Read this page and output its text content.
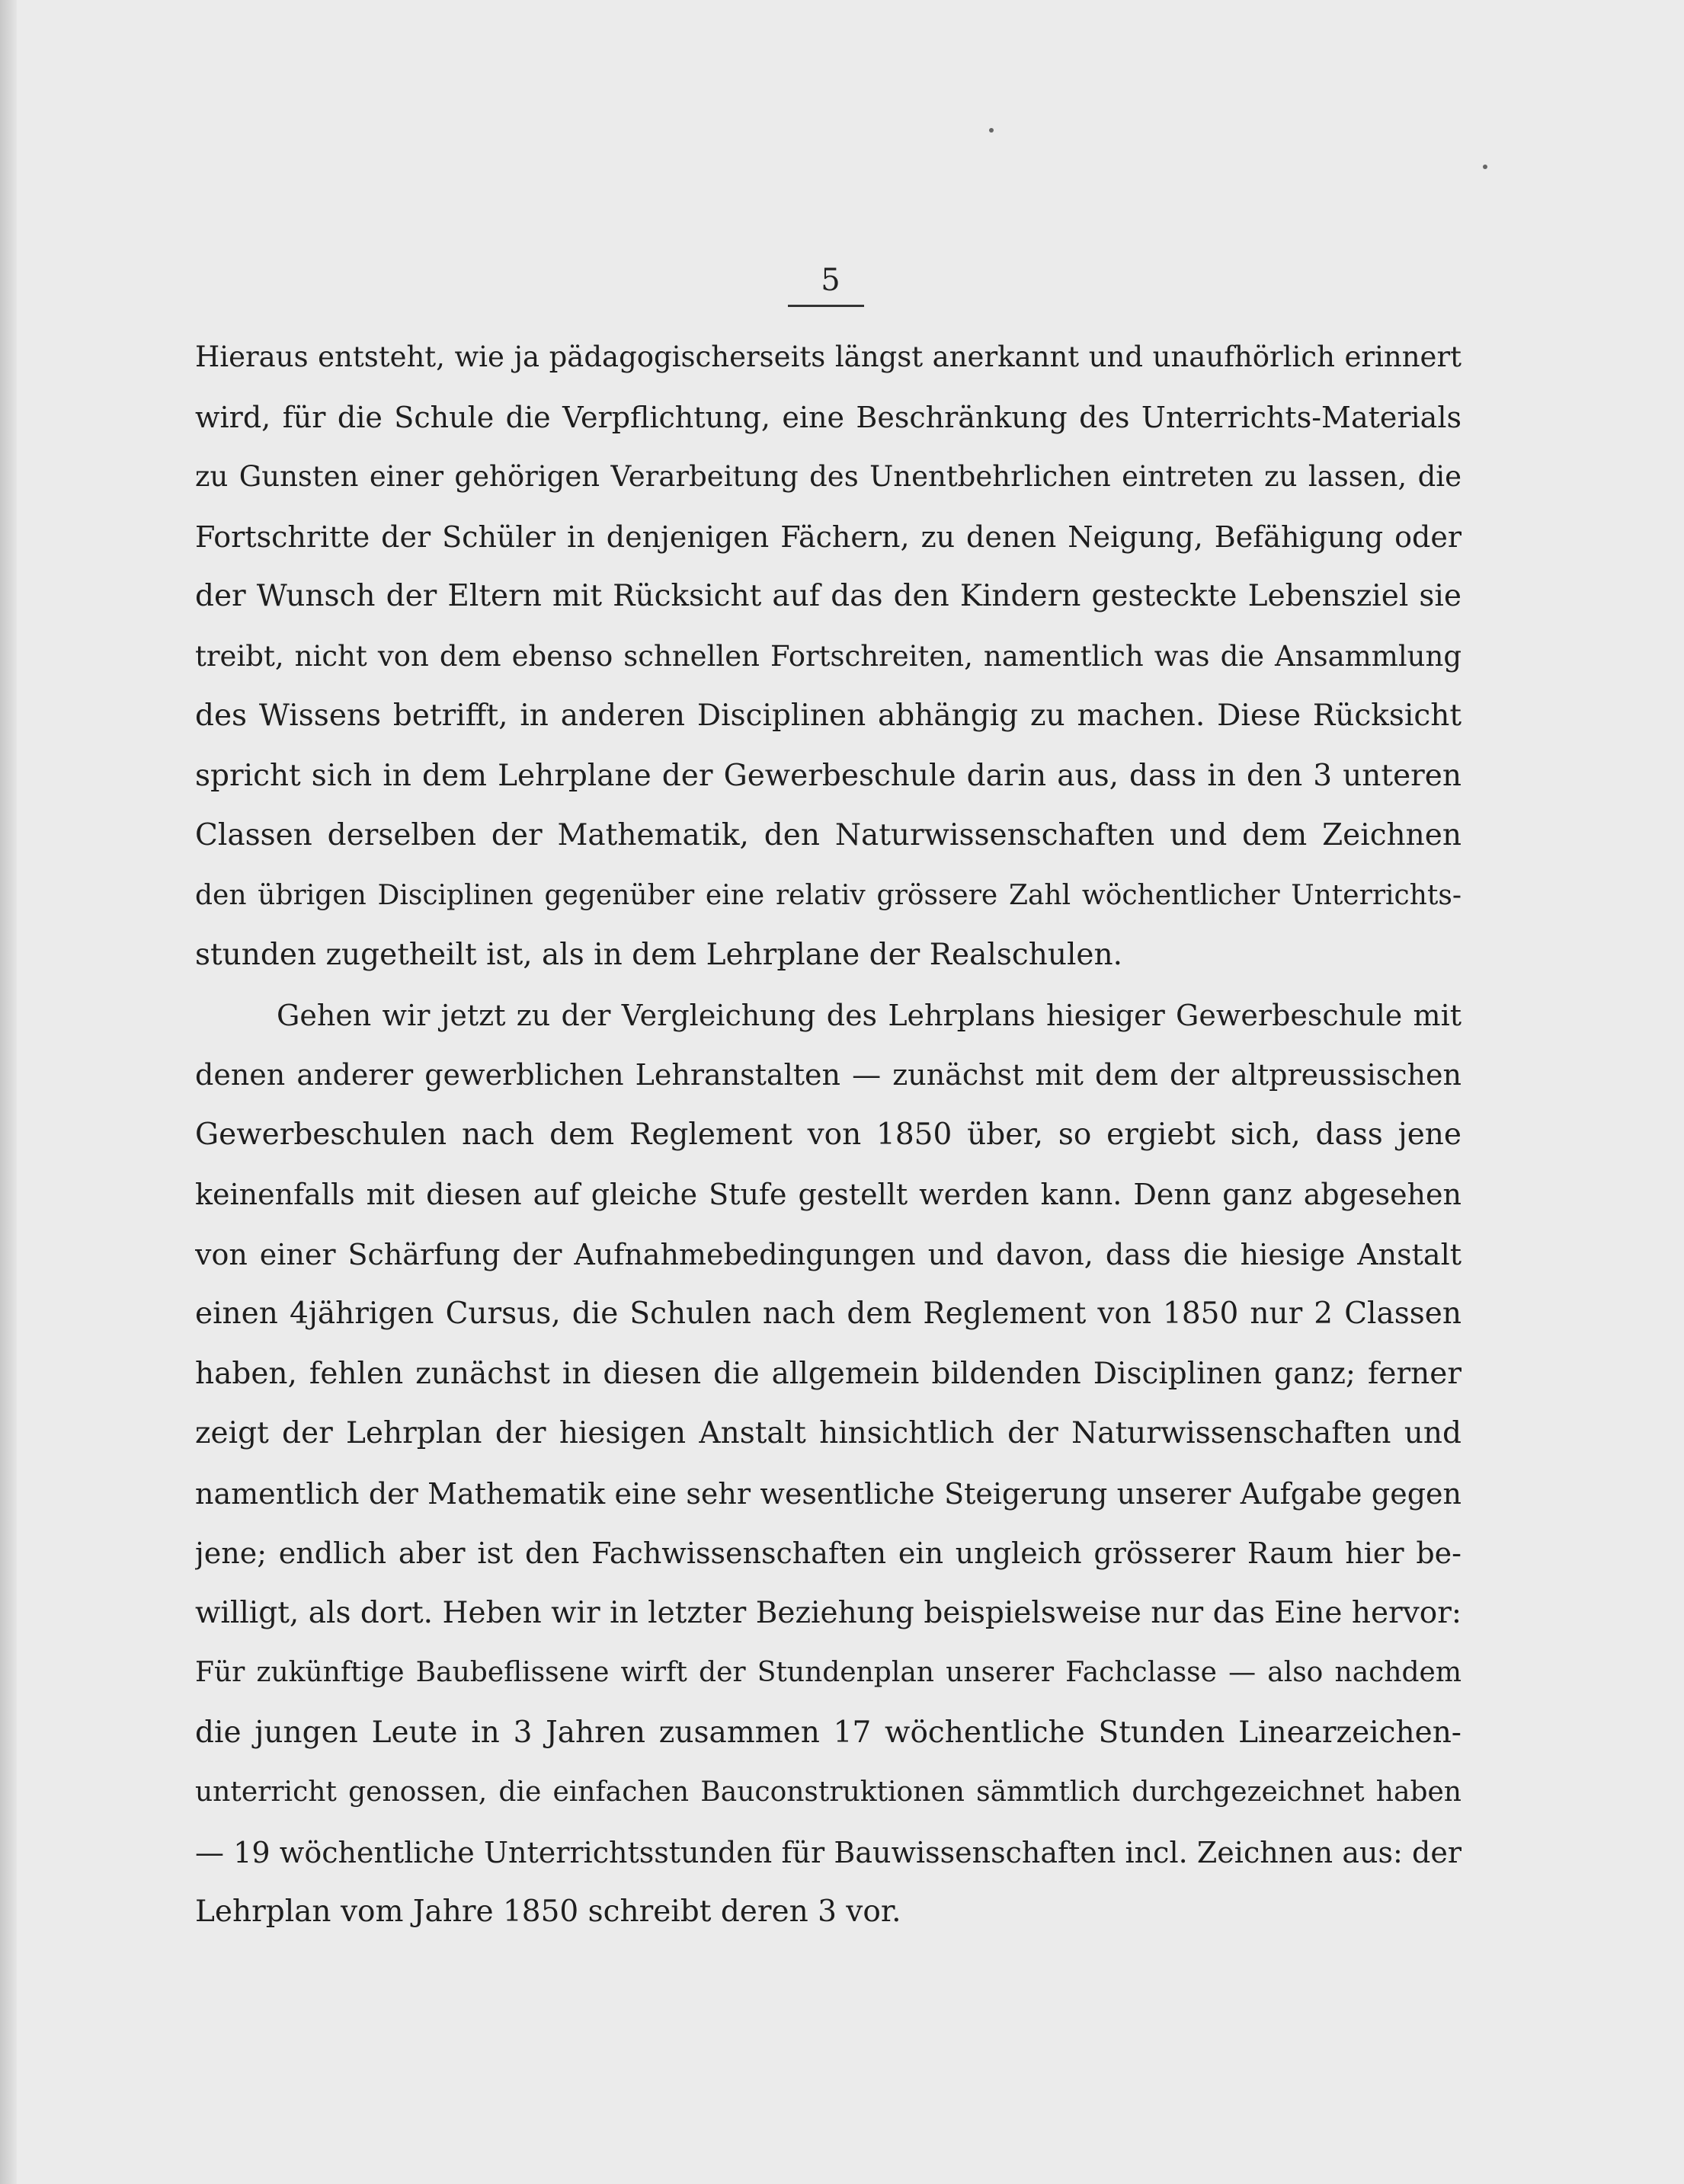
5
Hieraus entsteht, wie ja pädagogischerseits längst anerkannt und unaufhörlich erinnert
wird, für die Schule die Verpflichtung, eine Beschränkung des Unterrichts-Materials
zu Gunsten einer gehörigen Verarbeitung des Unentbehrlichen eintreten zu lassen, die
Fortschritte der Schüler in denjenigen Fächern, zu denen Neigung, Befähigung oder
der Wunsch der Eltern mit Rücksicht auf das den Kindern gesteckte Lebensziel sie
treibt, nicht von dem ebenso schnellen Fortschreiten, namentlich was die Ansammlung
des Wissens betrifft, in anderen Disciplinen abhängig zu machen. Diese Rücksicht
spricht sich in dem Lehrplane der Gewerbeschule darin aus, dass in den 3 unteren
Classen derselben der Mathematik, den Naturwissenschaften und dem Zeichnen
den übrigen Disciplinen gegenüber eine relativ grössere Zahl wöchentlicher Unterrichts-
stunden zugetheilt ist, als in dem Lehrplane der Realschulen.
Gehen wir jetzt zu der Vergleichung des Lehrplans hiesiger Gewerbeschule mit
denen anderer gewerblichen Lehranstalten — zunächst mit dem der altpreussischen
Gewerbeschulen nach dem Reglement von 1850 über, so ergiebt sich, dass jene
keinenfalls mit diesen auf gleiche Stufe gestellt werden kann. Denn ganz abgesehen
von einer Schärfung der Aufnahmebedingungen und davon, dass die hiesige Anstalt
einen 4jährigen Cursus, die Schulen nach dem Reglement von 1850 nur 2 Classen
haben, fehlen zunächst in diesen die allgemein bildenden Disciplinen ganz; ferner
zeigt der Lehrplan der hiesigen Anstalt hinsichtlich der Naturwissenschaften und
namentlich der Mathematik eine sehr wesentliche Steigerung unserer Aufgabe gegen
jene; endlich aber ist den Fachwissenschaften ein ungleich grösserer Raum hier be-
willigt, als dort. Heben wir in letzter Beziehung beispielsweise nur das Eine hervor:
Für zukünftige Baubeflissene wirft der Stundenplan unserer Fachclasse — also nachdem
die jungen Leute in 3 Jahren zusammen 17 wöchentliche Stunden Linearzeichen-
unterricht genossen, die einfachen Bauconstruktionen sämmtlich durchgezeichnet haben
— 19 wöchentliche Unterrichtsstunden für Bauwissenschaften incl. Zeichnen aus: der
Lehrplan vom Jahre 1850 schreibt deren 3 vor.
